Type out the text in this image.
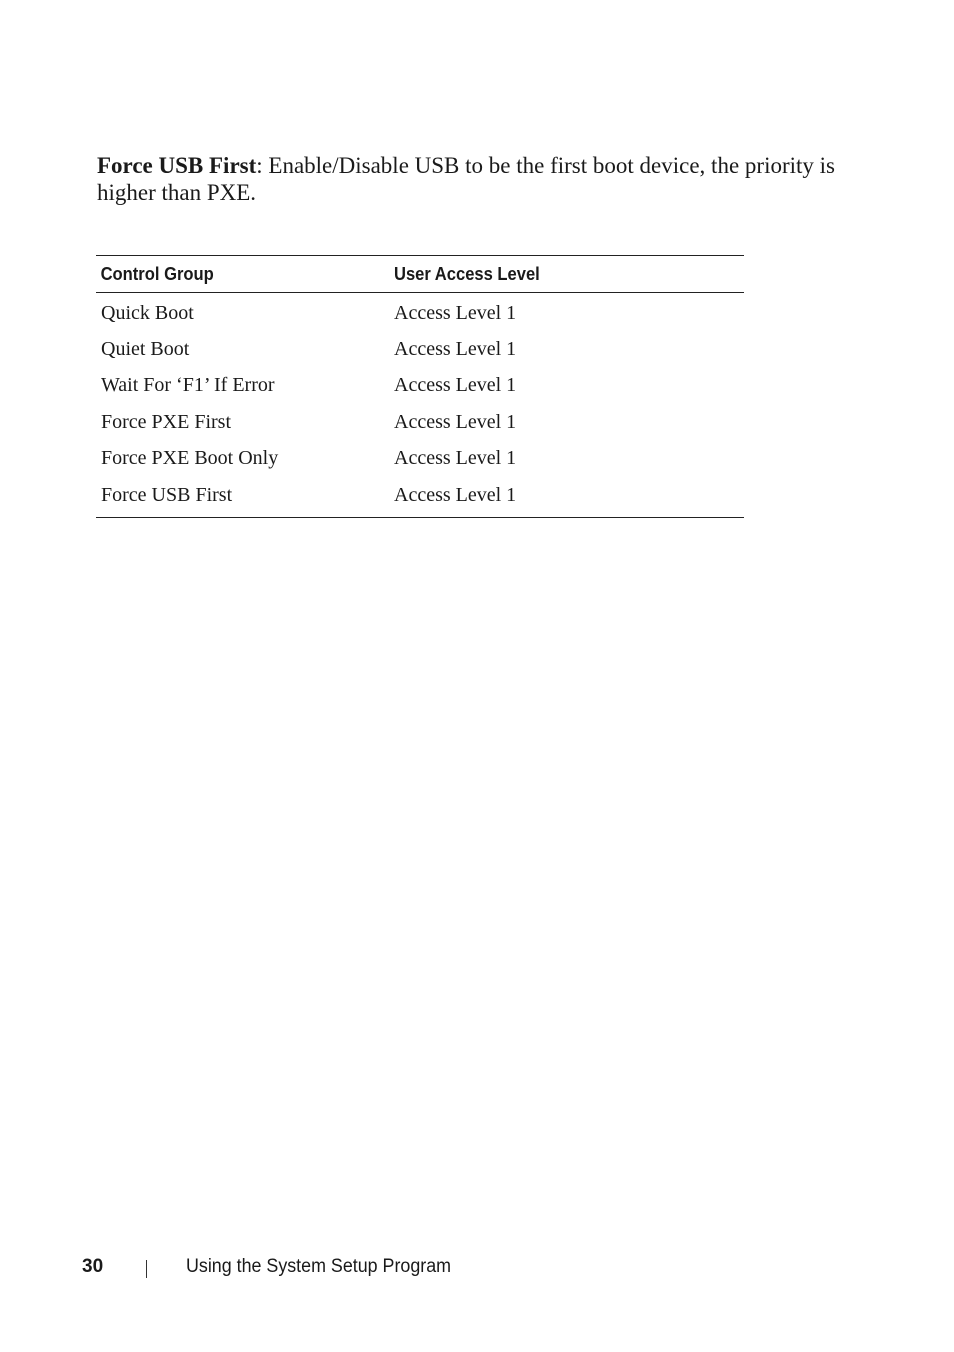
Force USB First: Enable/Disable USB to be the first boot device, the priority is higher than PXE.

Control Group	User Access Level
Quick Boot	Access Level 1
Quiet Boot	Access Level 1
Wait For ‘F1’ If Error	Access Level 1
Force PXE First	Access Level 1
Force PXE Boot Only	Access Level 1
Force USB First	Access Level 1
30	Using the System Setup Program
